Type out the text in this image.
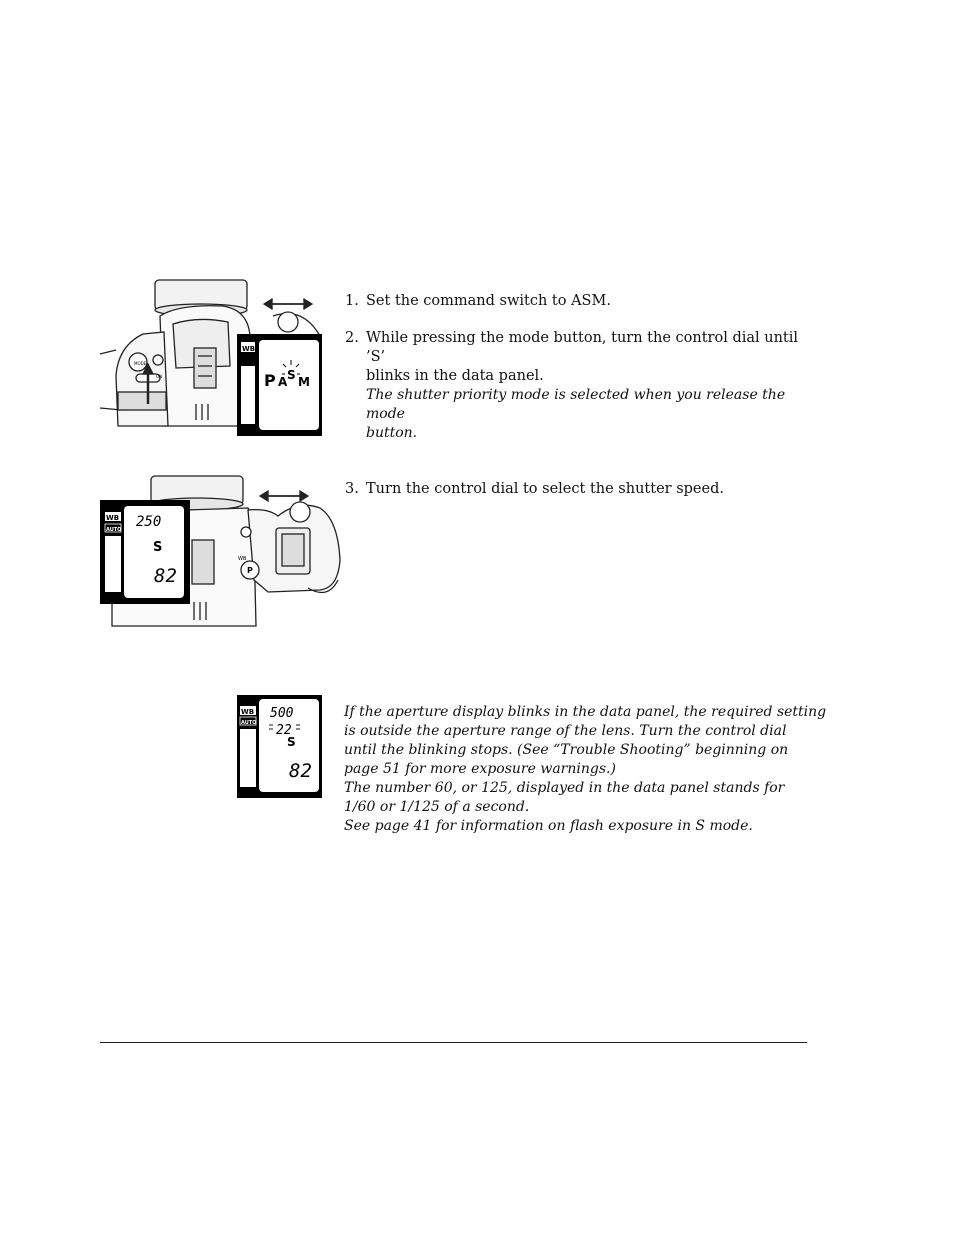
MODE
ON
WB
P A S M
WB
P
WB
AUTO 250
S
82
WB
AUTO
500
22
S
82
1. Set the command switch to ASM.
2. While pressing the mode button, turn the control dial until ’S’
blinks in the data panel.
The shutter priority mode is selected when you release the mode
button.
3. Turn the control dial to select the shutter speed.
If the aperture display blinks in the data panel, the required setting
is outside the aperture range of the lens. Turn the control dial
until the blinking stops. (See “Trouble Shooting” beginning on
page 51 for more exposure warnings.)
The number 60, or 125, displayed in the data panel stands for
1/60 or 1/125 of a second.
See page 41 for information on flash exposure in S mode.
